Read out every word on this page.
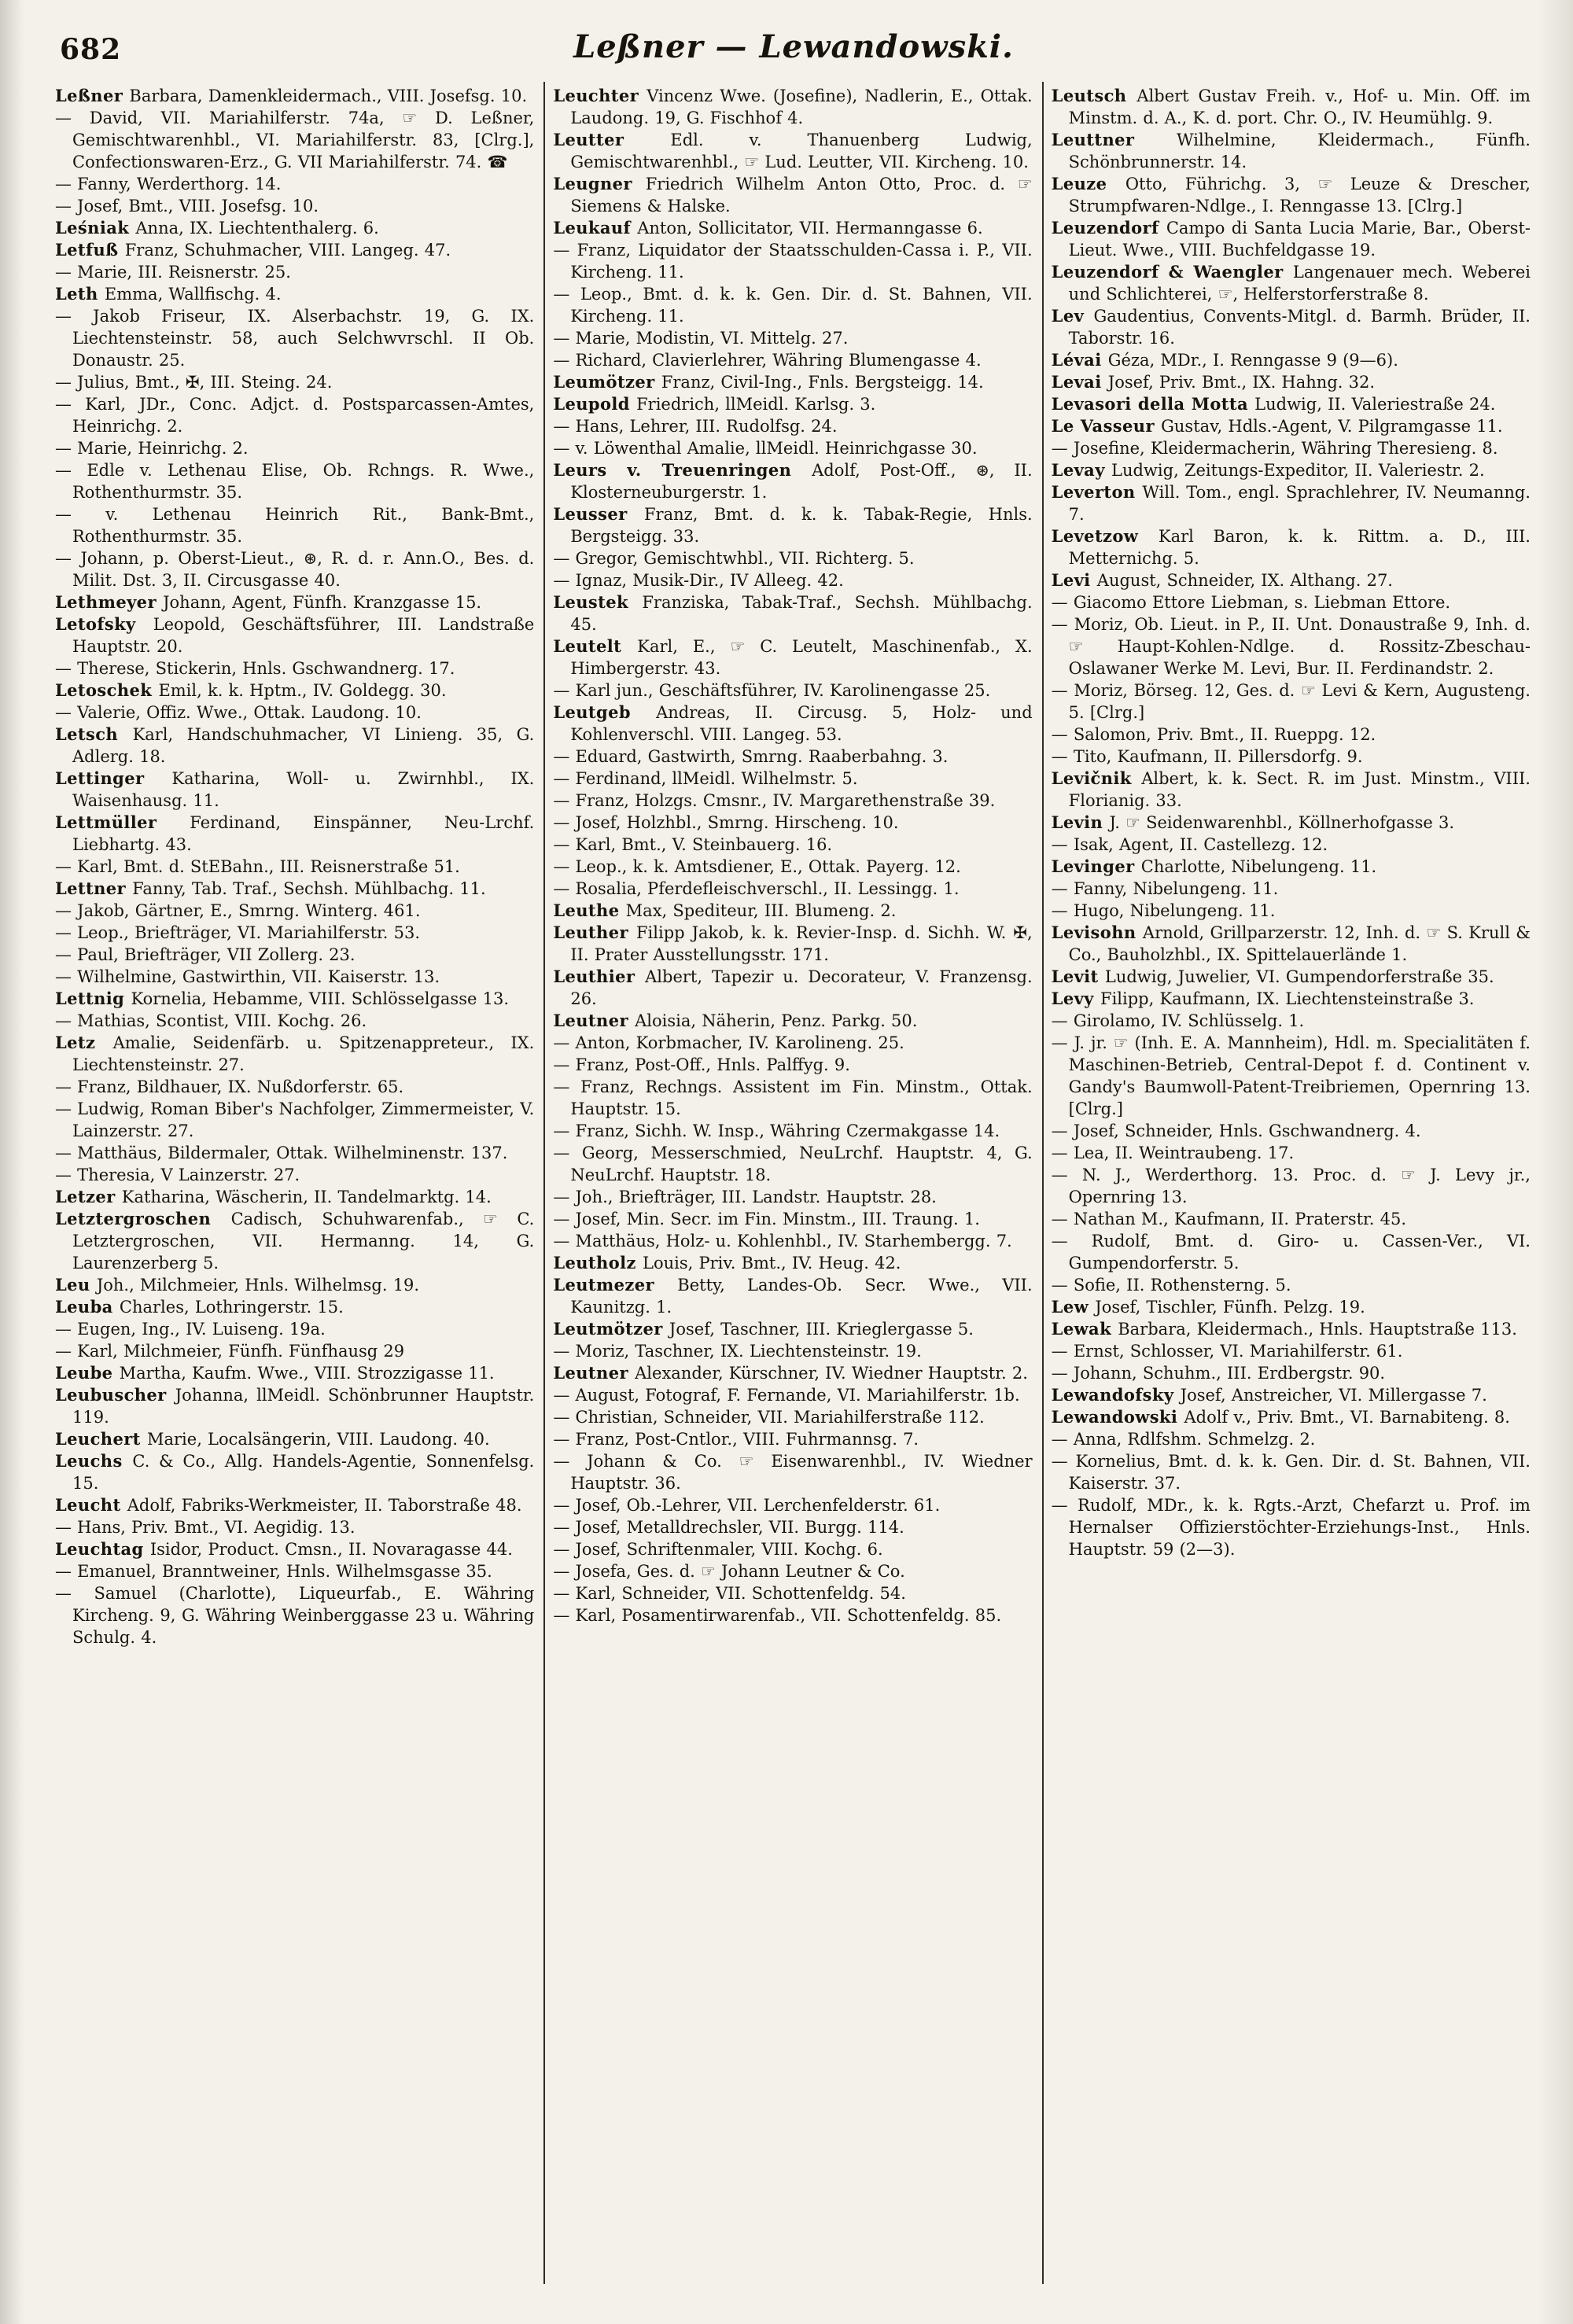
682	Leßner — Lewandowski.
Leßner Barbara, Damenkleidermach., VIII. Josefsg. 10.
— David, VII. Mariahilferstr. 74a, ☞ D. Leßner, Gemischtwarenhbl., VI. Mariahilferstr. 83, [Clrg.], Confectionswaren-Erz., G. VII Mariahilferstr. 74. ☎
— Fanny, Werderthorg. 14.
— Josef, Bmt., VIII. Josefsg. 10.
Leśniak Anna, IX. Liechtenthalerg. 6.
Letfuß Franz, Schuhmacher, VIII. Langeg. 47.
— Marie, III. Reisnerstr. 25.
Leth Emma, Wallfischg. 4.
— Jakob Friseur, IX. Alserbachstr. 19, G. IX. Liechtensteinstr. 58, auch Selchwvrschl. II Ob. Donaustr. 25.
— Julius, Bmt., ✠, III. Steing. 24.
— Karl, JDr., Conc. Adjct. d. Postsparcassen-Amtes, Heinrichg. 2.
— Marie, Heinrichg. 2.
— Edle v. Lethenau Elise, Ob. Rchngs. R. Wwe., Rothenthurmstr. 35.
— v. Lethenau Heinrich Rit., Bank-Bmt., Rothenthurmstr. 35.
— Johann, p. Oberst-Lieut., ⊛, R. d. r. Ann.O., Bes. d. Milit. Dst. 3, II. Circusgasse 40.
Lethmeyer Johann, Agent, Fünfh. Kranzgasse 15.
Letofsky Leopold, Geschäftsführer, III. Landstraße Hauptstr. 20.
— Therese, Stickerin, Hnls. Gschwandnerg. 17.
Letoschek Emil, k. k. Hptm., IV. Goldegg. 30.
— Valerie, Offiz. Wwe., Ottak. Laudong. 10.
Letsch Karl, Handschuhmacher, VI Linieng. 35, G. Adlerg. 18.
Lettinger Katharina, Woll- u. Zwirnhbl., IX. Waisenhausg. 11.
Lettmüller Ferdinand, Einspänner, Neu-Lrchf. Liebhartg. 43.
— Karl, Bmt. d. StEBahn., III. Reisnerstraße 51.
Lettner Fanny, Tab. Traf., Sechsh. Mühlbachg. 11.
— Jakob, Gärtner, E., Smrng. Winterg. 461.
— Leop., Briefträger, VI. Mariahilferstr. 53.
— Paul, Briefträger, VII Zollerg. 23.
— Wilhelmine, Gastwirthin, VII. Kaiserstr. 13.
Lettnig Kornelia, Hebamme, VIII. Schlösselgasse 13.
— Mathias, Scontist, VIII. Kochg. 26.
Letz Amalie, Seidenfärb. u. Spitzenappreteur., IX. Liechtensteinstr. 27.
— Franz, Bildhauer, IX. Nußdorferstr. 65.
— Ludwig, Roman Biber's Nachfolger, Zimmermeister, V. Lainzerstr. 27.
— Matthäus, Bildermaler, Ottak. Wilhelminenstr. 137.
— Theresia, V Lainzerstr. 27.
Letzer Katharina, Wäscherin, II. Tandelmarktg. 14.
Letztergroschen Cadisch, Schuhwarenfab., ☞ C. Letztergroschen, VII. Hermanng. 14, G. Laurenzerberg 5.
Leu Joh., Milchmeier, Hnls. Wilhelmsg. 19.
Leuba Charles, Lothringerstr. 15.
— Eugen, Ing., IV. Luiseng. 19a.
— Karl, Milchmeier, Fünfh. Fünfhausg 29
Leube Martha, Kaufm. Wwe., VIII. Strozzigasse 11.
Leubuscher Johanna, llMeidl. Schönbrunner Hauptstr. 119.
Leuchert Marie, Localsängerin, VIII. Laudong. 40.
Leuchs C. & Co., Allg. Handels-Agentie, Sonnenfelsg. 15.
Leucht Adolf, Fabriks-Werkmeister, II. Taborstraße 48.
— Hans, Priv. Bmt., VI. Aegidig. 13.
Leuchtag Isidor, Product. Cmsn., II. Novaragasse 44.
— Emanuel, Branntweiner, Hnls. Wilhelmsgasse 35.
— Samuel (Charlotte), Liqueurfab., E. Währing Kircheng. 9, G. Währing Weinberggasse 23 u. Währing Schulg. 4.
Leuchter Vincenz Wwe. (Josefine), Nadlerin, E., Ottak. Laudong. 19, G. Fischhof 4.
Leutter Edl. v. Thanuenberg Ludwig, Gemischtwarenhbl., ☞ Lud. Leutter, VII. Kircheng. 10.
Leugner Friedrich Wilhelm Anton Otto, Proc. d. ☞ Siemens & Halske.
Leukauf Anton, Sollicitator, VII. Hermanngasse 6.
— Franz, Liquidator der Staatsschulden-Cassa i. P., VII. Kircheng. 11.
— Leop., Bmt. d. k. k. Gen. Dir. d. St. Bahnen, VII. Kircheng. 11.
— Marie, Modistin, VI. Mittelg. 27.
— Richard, Clavierlehrer, Währing Blumengasse 4.
Leumötzer Franz, Civil-Ing., Fnls. Bergsteigg. 14.
Leupold Friedrich, llMeidl. Karlsg. 3.
— Hans, Lehrer, III. Rudolfsg. 24.
— v. Löwenthal Amalie, llMeidl. Heinrichgasse 30.
Leurs v. Treuenringen Adolf, Post-Off., ⊛, II. Klosterneuburgerstr. 1.
Leusser Franz, Bmt. d. k. k. Tabak-Regie, Hnls. Bergsteigg. 33.
— Gregor, Gemischtwhbl., VII. Richterg. 5.
— Ignaz, Musik-Dir., IV Alleeg. 42.
Leustek Franziska, Tabak-Traf., Sechsh. Mühlbachg. 45.
Leutelt Karl, E., ☞ C. Leutelt, Maschinenfab., X. Himbergerstr. 43.
— Karl jun., Geschäftsführer, IV. Karolinengasse 25.
Leutgeb Andreas, II. Circusg. 5, Holz- und Kohlenverschl. VIII. Langeg. 53.
— Eduard, Gastwirth, Smrng. Raaberbahng. 3.
— Ferdinand, llMeidl. Wilhelmstr. 5.
— Franz, Holzgs. Cmsnr., IV. Margarethenstraße 39.
— Josef, Holzhbl., Smrng. Hirscheng. 10.
— Karl, Bmt., V. Steinbauerg. 16.
— Leop., k. k. Amtsdiener, E., Ottak. Payerg. 12.
— Rosalia, Pferdefleischverschl., II. Lessingg. 1.
Leuthe Max, Spediteur, III. Blumeng. 2.
Leuther Filipp Jakob, k. k. Revier-Insp. d. Sichh. W. ✠, II. Prater Ausstellungsstr. 171.
Leuthier Albert, Tapezir u. Decorateur, V. Franzensg. 26.
Leutner Aloisia, Näherin, Penz. Parkg. 50.
— Anton, Korbmacher, IV. Karolineng. 25.
— Franz, Post-Off., Hnls. Palffyg. 9.
— Franz, Rechngs. Assistent im Fin. Minstm., Ottak. Hauptstr. 15.
— Franz, Sichh. W. Insp., Währing Czermakgasse 14.
— Georg, Messerschmied, NeuLrchf. Hauptstr. 4, G. NeuLrchf. Hauptstr. 18.
— Joh., Briefträger, III. Landstr. Hauptstr. 28.
— Josef, Min. Secr. im Fin. Minstm., III. Traung. 1.
— Matthäus, Holz- u. Kohlenhbl., IV. Starhembergg. 7.
Leutholz Louis, Priv. Bmt., IV. Heug. 42.
Leutmezer Betty, Landes-Ob. Secr. Wwe., VII. Kaunitzg. 1.
Leutmötzer Josef, Taschner, III. Krieglergasse 5.
— Moriz, Taschner, IX. Liechtensteinstr. 19.
Leutner Alexander, Kürschner, IV. Wiedner Hauptstr. 2.
— August, Fotograf, F. Fernande, VI. Mariahilferstr. 1b.
— Christian, Schneider, VII. Mariahilferstraße 112.
— Franz, Post-Cntlor., VIII. Fuhrmannsg. 7.
— Johann & Co. ☞ Eisenwarenhbl., IV. Wiedner Hauptstr. 36.
— Josef, Ob.-Lehrer, VII. Lerchenfelderstr. 61.
— Josef, Metalldrechsler, VII. Burgg. 114.
— Josef, Schriftenmaler, VIII. Kochg. 6.
— Josefa, Ges. d. ☞ Johann Leutner & Co.
— Karl, Schneider, VII. Schottenfeldg. 54.
— Karl, Posamentirwarenfab., VII. Schottenfeldg. 85.
Leutsch Albert Gustav Freih. v., Hof- u. Min. Off. im Minstm. d. A., K. d. port. Chr. O., IV. Heumühlg. 9.
Leuttner Wilhelmine, Kleidermach., Fünfh. Schönbrunnerstr. 14.
Leuze Otto, Führichg. 3, ☞ Leuze & Drescher, Strumpfwaren-Ndlge., I. Renngasse 13. [Clrg.]
Leuzendorf Campo di Santa Lucia Marie, Bar., Oberst-Lieut. Wwe., VIII. Buchfeldgasse 19.
Leuzendorf & Waengler Langenauer mech. Weberei und Schlichterei, ☞, Helferstorferstraße 8.
Lev Gaudentius, Convents-Mitgl. d. Barmh. Brüder, II. Taborstr. 16.
Lévai Géza, MDr., I. Renngasse 9 (9—6).
Levai Josef, Priv. Bmt., IX. Hahng. 32.
Levasori della Motta Ludwig, II. Valeriestraße 24.
Le Vasseur Gustav, Hdls.-Agent, V. Pilgramgasse 11.
— Josefine, Kleidermacherin, Währing Theresieng. 8.
Levay Ludwig, Zeitungs-Expeditor, II. Valeriestr. 2.
Leverton Will. Tom., engl. Sprachlehrer, IV. Neumanng. 7.
Levetzow Karl Baron, k. k. Rittm. a. D., III. Metternichg. 5.
Levi August, Schneider, IX. Althang. 27.
— Giacomo Ettore Liebman, s. Liebman Ettore.
— Moriz, Ob. Lieut. in P., II. Unt. Donaustraße 9, Inh. d. ☞ Haupt-Kohlen-Ndlge. d. Rossitz-Zbeschau-Oslawaner Werke M. Levi, Bur. II. Ferdinandstr. 2.
— Moriz, Börseg. 12, Ges. d. ☞ Levi & Kern, Augusteng. 5. [Clrg.]
— Salomon, Priv. Bmt., II. Rueppg. 12.
— Tito, Kaufmann, II. Pillersdorfg. 9.
Levičnik Albert, k. k. Sect. R. im Just. Minstm., VIII. Florianig. 33.
Levin J. ☞ Seidenwarenhbl., Köllnerhofgasse 3.
— Isak, Agent, II. Castellezg. 12.
Levinger Charlotte, Nibelungeng. 11.
— Fanny, Nibelungeng. 11.
— Hugo, Nibelungeng. 11.
Levisohn Arnold, Grillparzerstr. 12, Inh. d. ☞ S. Krull & Co., Bauholzhbl., IX. Spittelauerlände 1.
Levit Ludwig, Juwelier, VI. Gumpendorferstraße 35.
Levy Filipp, Kaufmann, IX. Liechtensteinstraße 3.
— Girolamo, IV. Schlüsselg. 1.
— J. jr. ☞ (Inh. E. A. Mannheim), Hdl. m. Specialitäten f. Maschinen-Betrieb, Central-Depot f. d. Continent v. Gandy's Baumwoll-Patent-Treibriemen, Opernring 13. [Clrg.]
— Josef, Schneider, Hnls. Gschwandnerg. 4.
— Lea, II. Weintraubeng. 17.
— N. J., Werderthorg. 13. Proc. d. ☞ J. Levy jr., Opernring 13.
— Nathan M., Kaufmann, II. Praterstr. 45.
— Rudolf, Bmt. d. Giro- u. Cassen-Ver., VI. Gumpendorferstr. 5.
— Sofie, II. Rothensterng. 5.
Lew Josef, Tischler, Fünfh. Pelzg. 19.
Lewak Barbara, Kleidermach., Hnls. Hauptstraße 113.
— Ernst, Schlosser, VI. Mariahilferstr. 61.
— Johann, Schuhm., III. Erdbergstr. 90.
Lewandofsky Josef, Anstreicher, VI. Millergasse 7.
Lewandowski Adolf v., Priv. Bmt., VI. Barnabiteng. 8.
— Anna, Rdlfshm. Schmelzg. 2.
— Kornelius, Bmt. d. k. k. Gen. Dir. d. St. Bahnen, VII. Kaiserstr. 37.
— Rudolf, MDr., k. k. Rgts.-Arzt, Chefarzt u. Prof. im Hernalser Offizierstöchter-Erziehungs-Inst., Hnls. Hauptstr. 59 (2—3).
